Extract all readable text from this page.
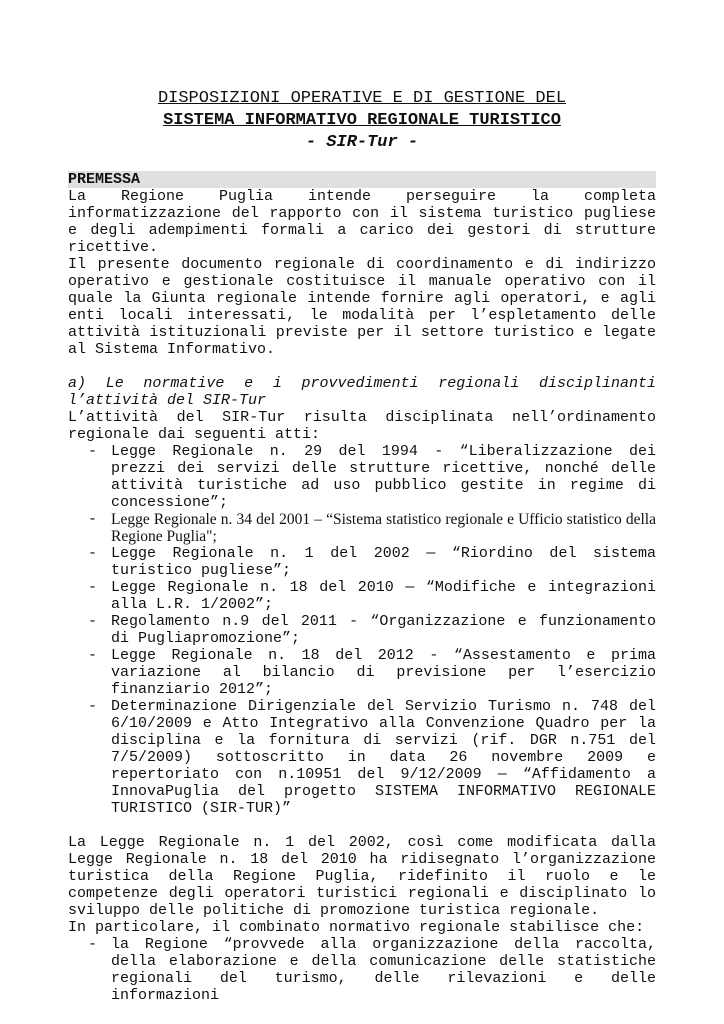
DISPOSIZIONI OPERATIVE E DI GESTIONE DEL
SISTEMA INFORMATIVO REGIONALE TURISTICO
- SIR-Tur -
PREMESSA

La Regione Puglia intende perseguire la completa informatizzazione del rapporto con il sistema turistico pugliese e degli adempimenti formali a carico dei gestori di strutture ricettive.

Il presente documento regionale di coordinamento e di indirizzo operativo e gestionale costituisce il manuale operativo con il quale la Giunta regionale intende fornire agli operatori, e agli enti locali interessati, le modalità per l’espletamento delle attività istituzionali previste per il settore turistico e legate al Sistema Informativo.

a) Le normative e i provvedimenti regionali disciplinanti l’attività del SIR-Tur

L’attività del SIR-Tur risulta disciplinata nell’ordinamento regionale dai seguenti atti:

- Legge Regionale n. 29 del 1994 - “Liberalizzazione dei prezzi dei servizi delle strutture ricettive, nonché delle attività turistiche ad uso pubblico gestite in regime di concessione”;
- Legge Regionale n. 34 del 2001 – “Sistema statistico regionale e Ufficio statistico della Regione Puglia";
- Legge Regionale n. 1 del 2002 — “Riordino del sistema turistico pugliese”;
- Legge Regionale n. 18 del 2010 — “Modifiche e integrazioni alla L.R. 1/2002”;
- Regolamento n.9 del 2011 - “Organizzazione e funzionamento di Pugliapromozione”;
- Legge Regionale n. 18 del 2012 - “Assestamento e prima variazione al bilancio di previsione per l’esercizio finanziario 2012”;
- Determinazione Dirigenziale del Servizio Turismo n. 748 del 6/10/2009 e Atto Integrativo alla Convenzione Quadro per la disciplina e la fornitura di servizi (rif. DGR n.751 del 7/5/2009) sottoscritto in data 26 novembre 2009 e repertoriato con n.10951 del 9/12/2009 — “Affidamento a InnovaPuglia del progetto SISTEMA INFORMATIVO REGIONALE TURISTICO (SIR-TUR)”

La Legge Regionale n. 1 del 2002, così come modificata dalla Legge Regionale n. 18 del 2010 ha ridisegnato l’organizzazione turistica della Regione Puglia, ridefinito il ruolo e le competenze degli operatori turistici regionali e disciplinato lo sviluppo delle politiche di promozione turistica regionale.

In particolare, il combinato normativo regionale stabilisce che:

- la Regione “provvede alla organizzazione della raccolta, della elaborazione e della comunicazione delle statistiche regionali del turismo, delle rilevazioni e delle informazioni
